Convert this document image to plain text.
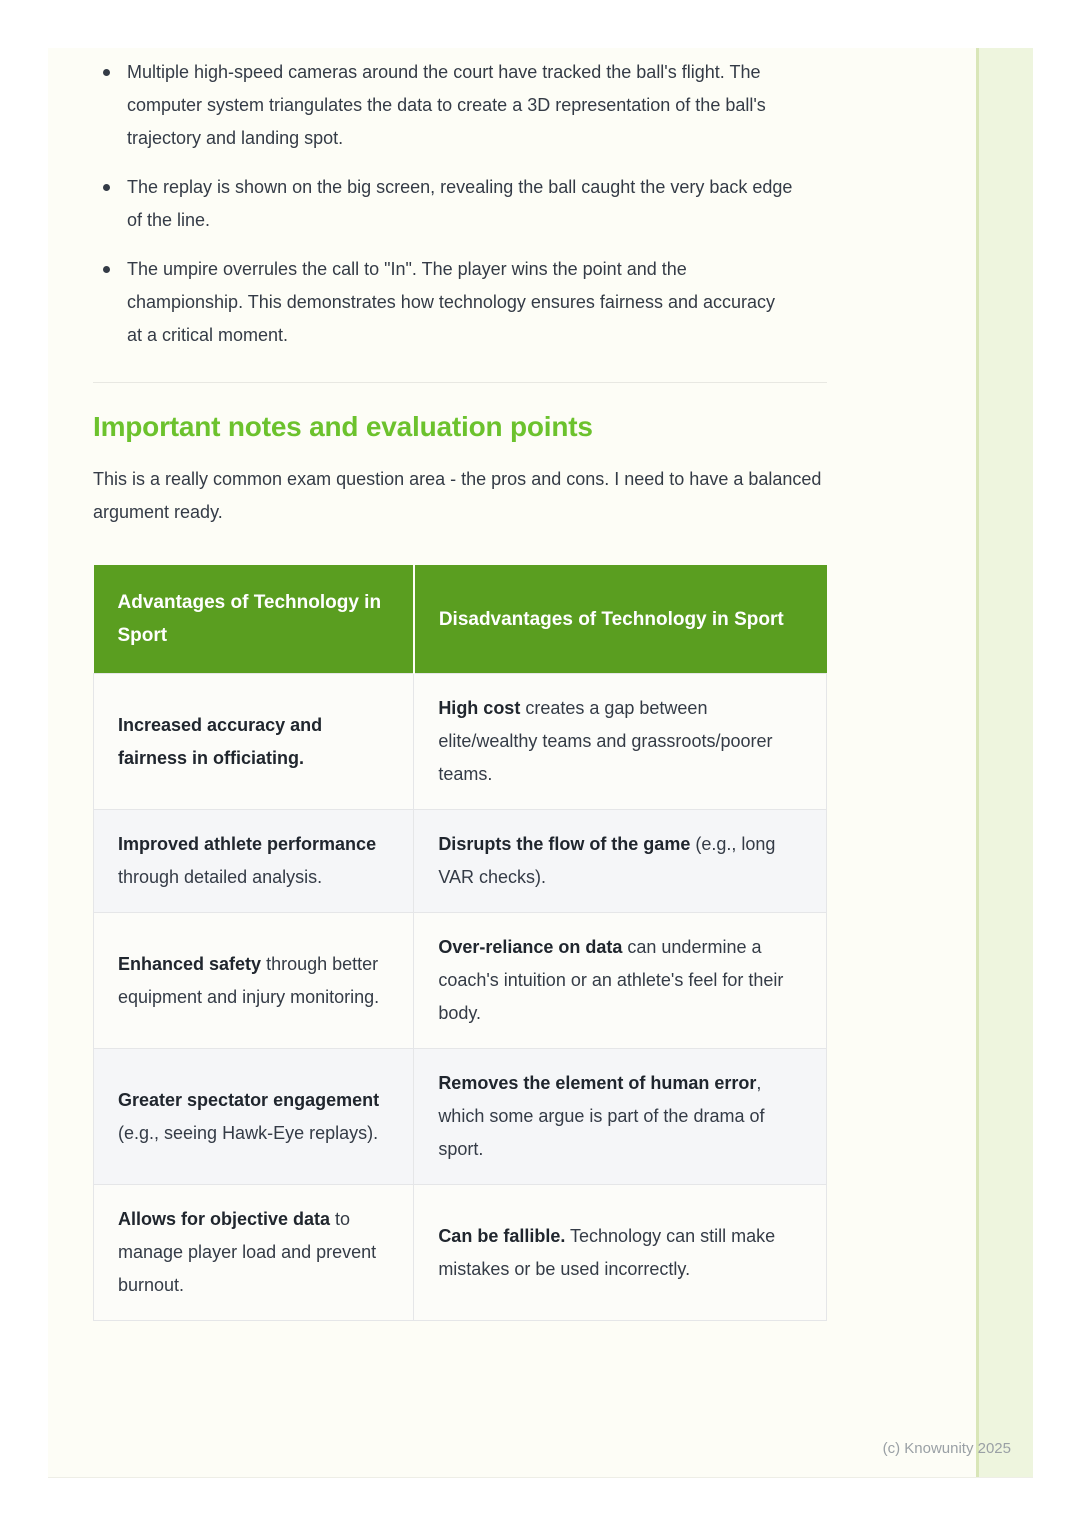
Multiple high-speed cameras around the court have tracked the ball's flight. The computer system triangulates the data to create a 3D representation of the ball's trajectory and landing spot.
The replay is shown on the big screen, revealing the ball caught the very back edge of the line.
The umpire overrules the call to "In". The player wins the point and the championship. This demonstrates how technology ensures fairness and accuracy at a critical moment.
Important notes and evaluation points

This is a really common exam question area - the pros and cons. I need to have a balanced argument ready.

Advantages of Technology in Sport	Disadvantages of Technology in Sport
Increased accuracy and fairness in officiating.	High cost creates a gap between elite/wealthy teams and grassroots/poorer teams.
Improved athlete performance through detailed analysis.	Disrupts the flow of the game (e.g., long VAR checks).
Enhanced safety through better equipment and injury monitoring.	Over-reliance on data can undermine a coach's intuition or an athlete's feel for their body.
Greater spectator engagement (e.g., seeing Hawk-Eye replays).	Removes the element of human error, which some argue is part of the drama of sport.
Allows for objective data to manage player load and prevent burnout.	Can be fallible. Technology can still make mistakes or be used incorrectly.
(c) Knowunity 2025
